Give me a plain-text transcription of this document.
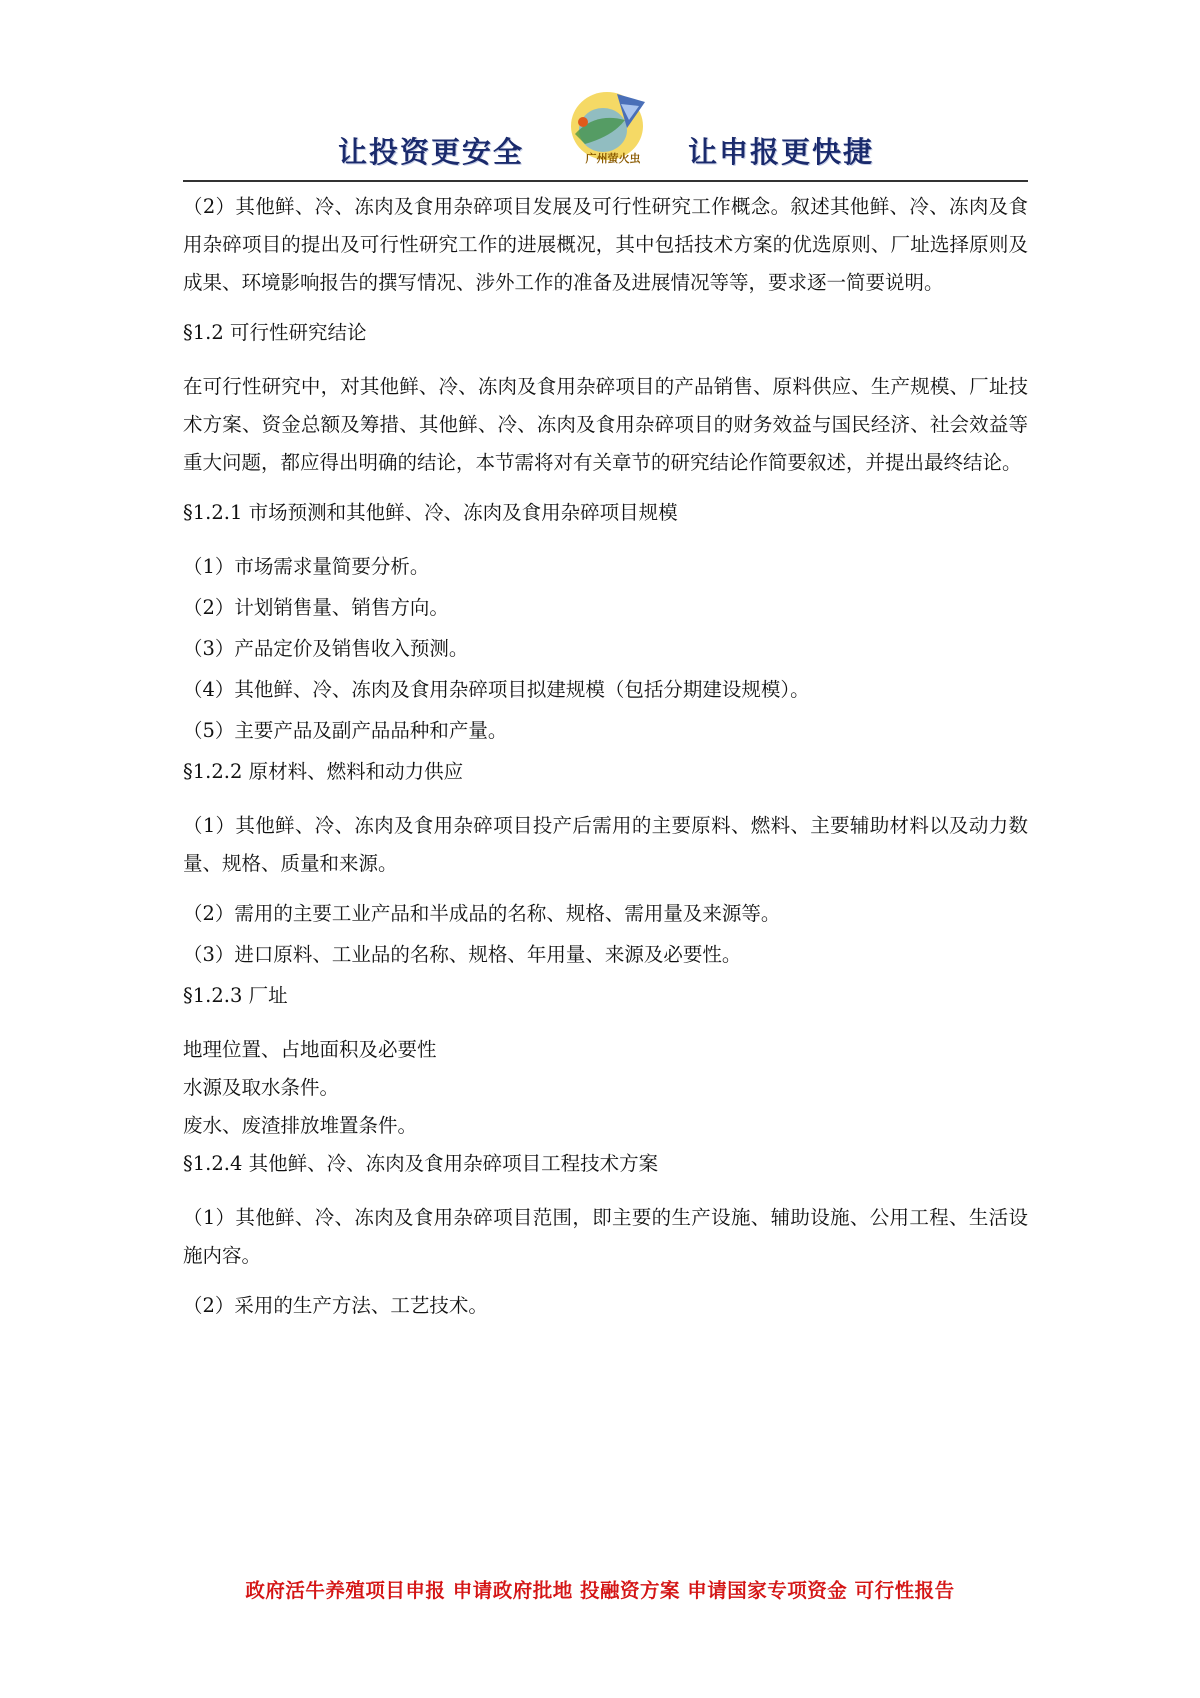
让投资更安全	广州萤火虫	让申报更快捷

（2）其他鲜、冷、冻肉及食用杂碎项目发展及可行性研究工作概念。叙述其他鲜、冷、冻肉及食用杂碎项目的提出及可行性研究工作的进展概况，其中包括技术方案的优选原则、厂址选择原则及成果、环境影响报告的撰写情况、涉外工作的准备及进展情况等等，要求逐一简要说明。

§1.2 可行性研究结论

在可行性研究中，对其他鲜、冷、冻肉及食用杂碎项目的产品销售、原料供应、生产规模、厂址技术方案、资金总额及筹措、其他鲜、冷、冻肉及食用杂碎项目的财务效益与国民经济、社会效益等重大问题，都应得出明确的结论，本节需将对有关章节的研究结论作简要叙述，并提出最终结论。

§1.2.1 市场预测和其他鲜、冷、冻肉及食用杂碎项目规模

（1）市场需求量简要分析。

（2）计划销售量、销售方向。

（3）产品定价及销售收入预测。

（4）其他鲜、冷、冻肉及食用杂碎项目拟建规模（包括分期建设规模）。

（5）主要产品及副产品品种和产量。

§1.2.2 原材料、燃料和动力供应

（1）其他鲜、冷、冻肉及食用杂碎项目投产后需用的主要原料、燃料、主要辅助材料以及动力数量、规格、质量和来源。

（2）需用的主要工业产品和半成品的名称、规格、需用量及来源等。

（3）进口原料、工业品的名称、规格、年用量、来源及必要性。

§1.2.3 厂址

地理位置、占地面积及必要性

水源及取水条件。

废水、废渣排放堆置条件。

§1.2.4 其他鲜、冷、冻肉及食用杂碎项目工程技术方案

（1）其他鲜、冷、冻肉及食用杂碎项目范围，即主要的生产设施、辅助设施、公用工程、生活设施内容。

（2）采用的生产方法、工艺技术。

政府活牛养殖项目申报 申请政府批地 投融资方案 申请国家专项资金 可行性报告
